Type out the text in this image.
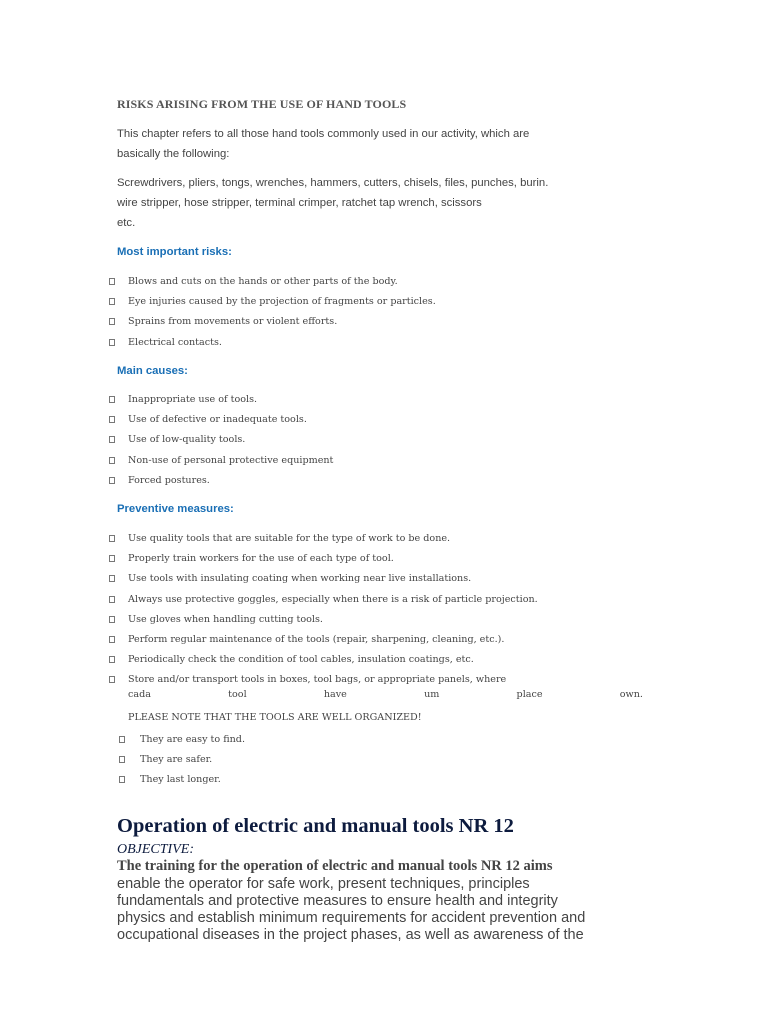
RISKS ARISING FROM THE USE OF HAND TOOLS

This chapter refers to all those hand tools commonly used in our activity, which are
basically the following:

Screwdrivers, pliers, tongs, wrenches, hammers, cutters, chisels, files, punches, burin.
wire stripper, hose stripper, terminal crimper, ratchet tap wrench, scissors
etc.

Most important risks:
Blows and cuts on the hands or other parts of the body.
Eye injuries caused by the projection of fragments or particles.
Sprains from movements or violent efforts.
Electrical contacts.
Main causes:
Inappropriate use of tools.
Use of defective or inadequate tools.
Use of low-quality tools.
Non-use of personal protective equipment
Forced postures.
Preventive measures:
Use quality tools that are suitable for the type of work to be done.
Properly train workers for the use of each type of tool.
Use tools with insulating coating when working near live installations.
Always use protective goggles, especially when there is a risk of particle projection.
Use gloves when handling cutting tools.
Perform regular maintenance of the tools (repair, sharpening, cleaning, etc.).
Periodically check the condition of tool cables, insulation coatings, etc.
Store and/or transport tools in boxes, tool bags, or appropriate panels, where
cada	tool	have	um	place	own.
PLEASE NOTE THAT THE TOOLS ARE WELL ORGANIZED!
They are easy to find.
They are safer.
They last longer.
Operation of electric and manual tools NR 12
OBJECTIVE:
The training for the operation of electric and manual tools NR 12 aims

enable the operator for safe work, present techniques, principles
fundamentals and protective measures to ensure health and integrity
physics and establish minimum requirements for accident prevention and
occupational diseases in the project phases, as well as awareness of the
